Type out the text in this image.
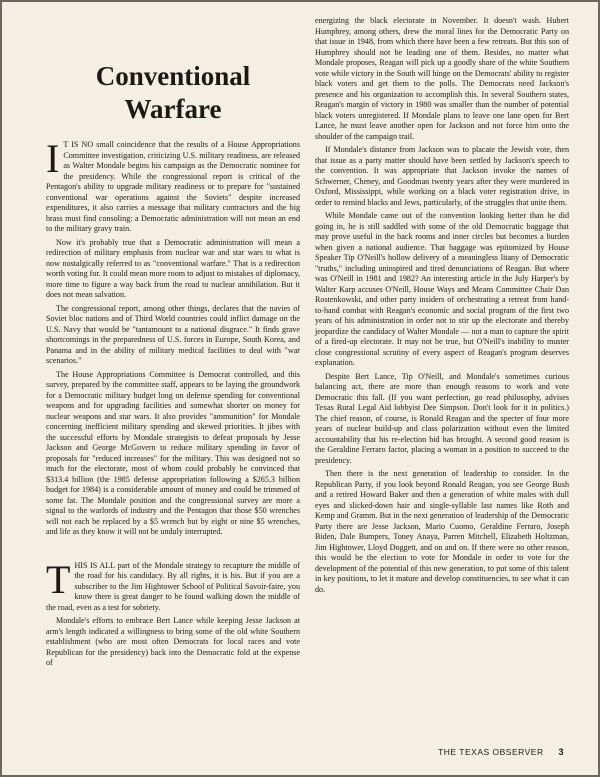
Conventional
Warfare

I T IS NO small coincidence that the results of a House Appropriations Committee investigation, criticizing U.S. military readiness, are released as Walter Mondale begins his campaign as the Democratic nominee for the presidency. While the congressional report is critical of the Pentagon's ability to upgrade military readiness or to prepare for "sustained conventional war operations against the Soviets" despite increased expenditures, it also carries a message that military contractors and the big brass must find consoling: a Democratic administration will not mean an end to the military gravy train.

Now it's probably true that a Democratic administration will mean a redirection of military emphasis from nuclear war and star wars to what is now nostalgically referred to as "conventional warfare." That is a redirection worth voting for. It could mean more room to adjust to mistakes of diplomacy, more time to figure a way back from the road to nuclear annihilation. But it does not mean salvation.

The congressional report, among other things, declares that the navies of Soviet bloc nations and of Third World countries could inflict damage on the U.S. Navy that would be "tantamount to a national disgrace." It finds grave shortcomings in the preparedness of U.S. forces in Europe, South Korea, and Panama and in the ability of military medical facilities to deal with "war scenarios."

The House Appropriations Committee is Democrat controlled, and this survey, prepared by the committee staff, appears to be laying the groundwork for a Democratic military budget long on defense spending for conventional weapons and for upgrading facilities and somewhat shorter on money for nuclear weapons and star wars. It also provides "ammunition" for Mondale concerning inefficient military spending and skewed priorities. It jibes with the successful efforts by Mondale strategists to defeat proposals by Jesse Jackson and George McGovern to reduce military spending in favor of proposals for "reduced increases" for the military. This was designed not so much for the electorate, most of whom could probably be convinced that $313.4 billion (the 1985 defense appropriation following a $265.3 billion budget for 1984) is a considerable amount of money and could be trimmed of some fat. The Mondale position and the congressional survey are more a signal to the warlords of industry and the Pentagon that those $50 wrenches will not each be replaced by a $5 wrench but by eight or nine $5 wrenches, and life as they know it will not be unduly interrupted.

THIS IS ALL part of the Mondale strategy to recapture the middle of the road for his candidacy. By all rights, it is his. But if you are a subscriber to the Jim Hightower School of Political Savoir-faire, you know there is great danger to be found walking down the middle of the road, even as a test for sobriety.

Mondale's efforts to embrace Bert Lance while keeping Jesse Jackson at arm's length indicated a willingness to bring some of the old white Southern establishment (who are most often Democrats for local races and vote Republican for the presidency) back into the Democratic fold at the expense of

energizing the black electorate in November. It doesn't wash. Hubert Humphrey, among others, drew the moral lines for the Democratic Party on that issue in 1948, from which there have been a few retreats. But this son of Humphrey should not be leading one of them. Besides, no matter what Mondale proposes, Reagan will pick up a goodly share of the white Southern vote while victory in the South will hinge on the Democrats' ability to register black voters and get them to the polls. The Democrats need Jackson's presence and his organization to accomplish this. In several Southern states, Reagan's margin of victory in 1980 was smaller than the number of potential black voters unregistered. If Mondale plans to leave one lane open for Bert Lance, he must leave another open for Jackson and not force him onto the shoulder of the campaign trail.

If Mondale's distance from Jackson was to placate the Jewish vote, then that issue as a party matter should have been settled by Jackson's speech to the convention. It was appropriate that Jackson invoke the names of Schwerner, Cheney, and Goodman twenty years after they were murdered in Oxford, Mississippi, while working on a black voter registration drive, in order to remind blacks and Jews, particularly, of the struggles that unite them.

While Mondale came out of the convention looking better than he did going in, he is still saddled with some of the old Democratic baggage that may prove useful in the back rooms and inner circles but becomes a burden when given a national audience. That baggage was epitomized by House Speaker Tip O'Neill's hollow delivery of a meaningless litany of Democratic "truths," including uninspired and tired denunciations of Reagan. But where was O'Neill in 1981 and 1982? An interesting article in the July Harper's by Walter Karp accuses O'Neill, House Ways and Means Committee Chair Dan Rostenkowski, and other party insiders of orchestrating a retreat from hand-to-hand combat with Reagan's economic and social program of the first two years of his administration in order not to stir up the electorate and thereby jeopardize the candidacy of Walter Mondale — not a man to capture the spirit of a fired-up electorate. It may not be true, but O'Neill's inability to muster close congressional scrutiny of every aspect of Reagan's program deserves explanation.

Despite Bert Lance, Tip O'Neill, and Mondale's sometimes curious balancing act, there are more than enough reasons to work and vote Democratic this fall. (If you want perfection, go read philosophy, advises Texas Rural Legal Aid lobbyist Dee Simpson. Don't look for it in politics.) The chief reason, of course, is Ronald Reagan and the specter of four more years of nuclear build-up and class polarization without even the limited accountability that his re-election bid has brought. A second good reason is the Geraldine Ferraro factor, placing a woman in a position to succeed to the presidency.

Then there is the next generation of leadership to consider. In the Republican Party, if you look beyond Ronald Reagan, you see George Bush and a retired Howard Baker and then a generation of white males with dull eyes and slicked-down hair and single-syllable last names like Roth and Kemp and Gramm. But in the next generation of leadership of the Democratic Party there are Jesse Jackson, Mario Cuomo, Geraldine Ferraro, Joseph Biden, Dale Bumpers, Toney Anaya, Parren Mitchell, Elizabeth Holtzman, Jim Hightower, Lloyd Doggett, and on and on. If there were no other reason, this would be the election to vote for Mondale in order to vote for the development of the potential of this new generation, to put some of this talent in key positions, to let it mature and develop constituencies, to see what it can do.

THE TEXAS OBSERVER 3
